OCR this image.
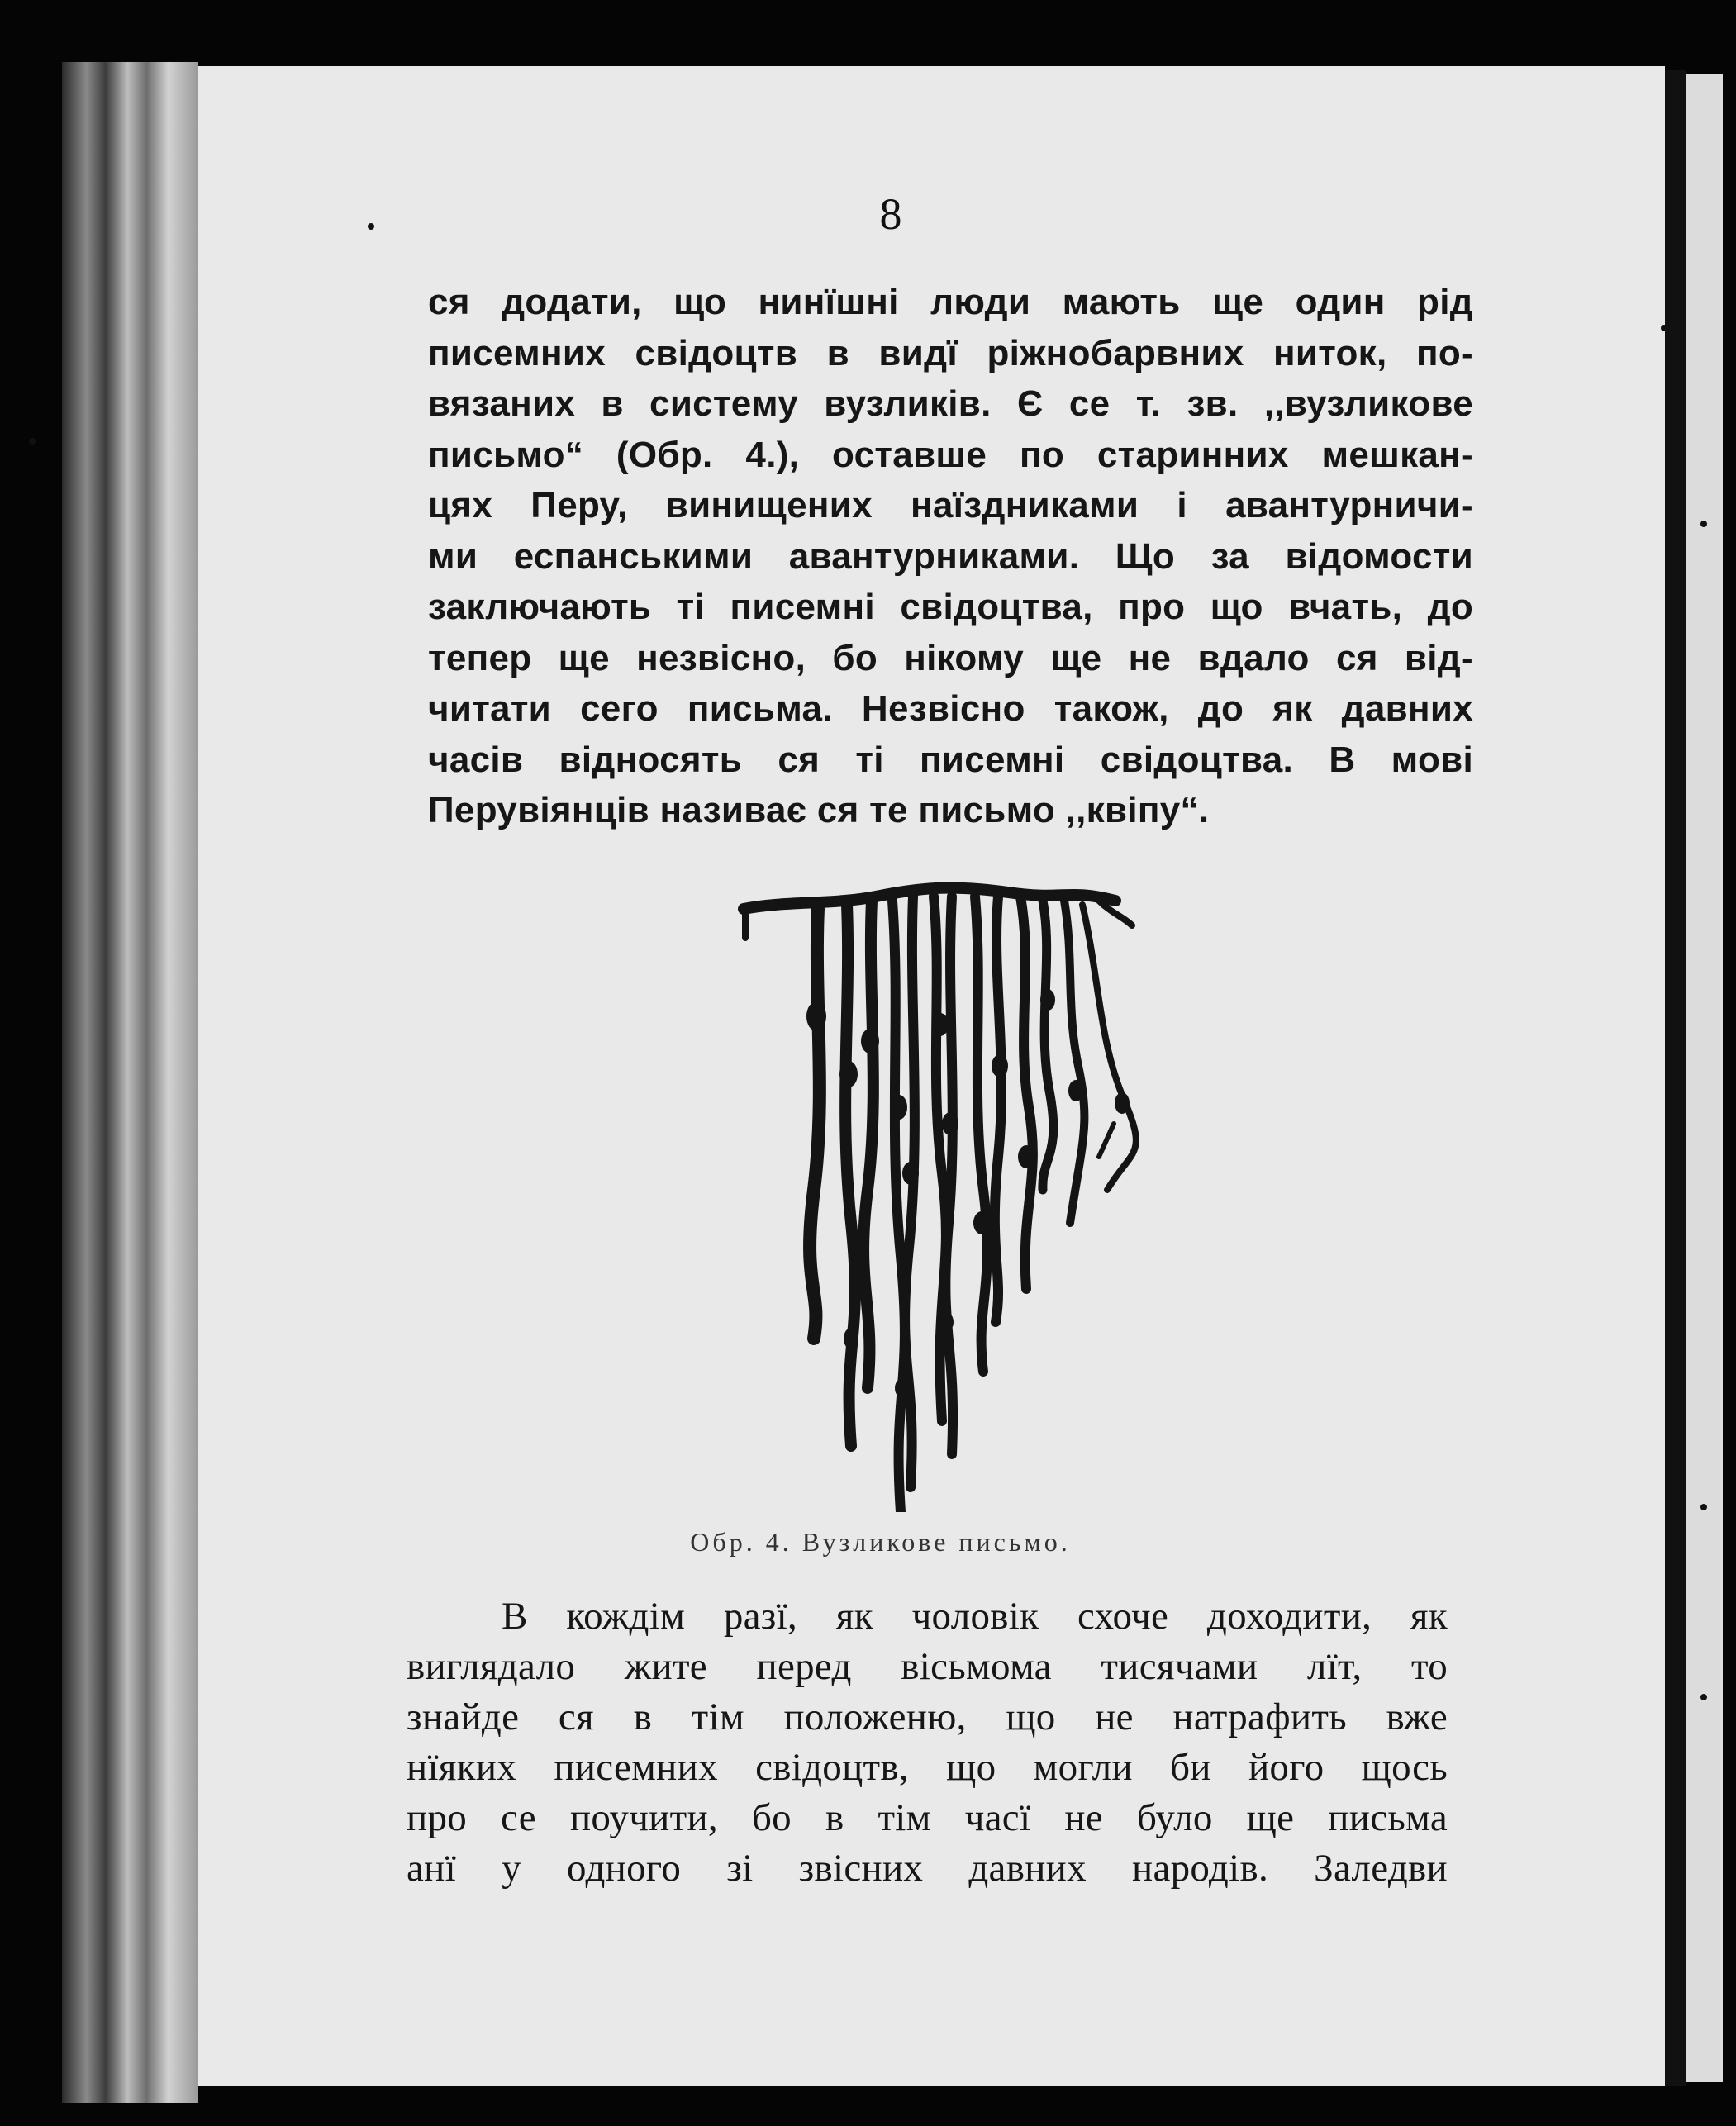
8
ся додати, що нинїшні люди мають ще один рід
писемних свідоцтв в видї ріжнобарвних ниток, по-
вязаних в систему вузликів. Є се т. зв. ,,вузликове
письмо“ (Обр. 4.), оставше по старинних мешкан-
цях Перу, винищених наїздниками і авантурничи-
ми еспанськими авантурниками. Що за відомости
заключають ті писемні свідоцтва, про що вчать, до
тепер ще незвісно, бо нікому ще не вдало ся від-
читати сего письма. Незвісно також, до як давних
часів відносять ся ті писемні свідоцтва. В мові
Перувіянців називає ся те письмо ,,квіпу“.
Обр. 4. Вузликове письмо.
В кождім разї, як чоловік схоче доходити, як
виглядало жите перед вісьмома тисячами лїт, то
знайде ся в тім положеню, що не натрафить вже
нїяких писемних свідоцтв, що могли би його щось
про се поучити, бо в тім часї не було ще письма
анї у одного зі звісних давних народів. Заледви
